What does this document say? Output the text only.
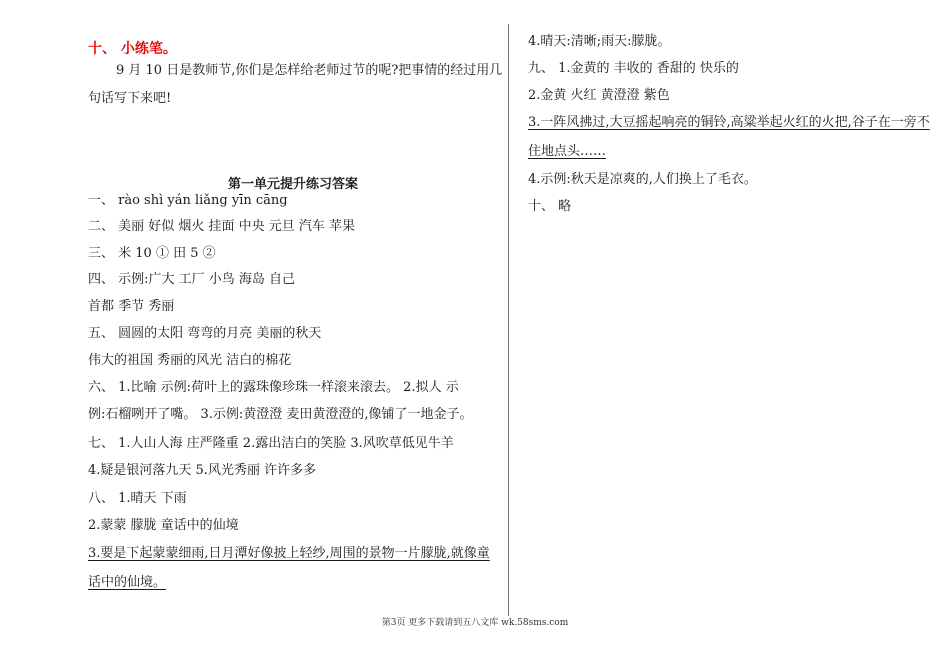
十、 小练笔。
9 月 10 日是教师节,你们是怎样给老师过节的呢?把事情的经过用几
句话写下来吧!
第一单元提升练习答案
一、 rào shì yán liǎng yīn cāng
二、 美丽 好似 烟火 挂面 中央 元旦 汽车 苹果
三、 米 10 ① 田 5 ②
四、 示例:广大 工厂 小鸟 海岛 自己
首都 季节 秀丽
五、 圆圆的太阳 弯弯的月亮 美丽的秋天
伟大的祖国 秀丽的风光 洁白的棉花
六、 1.比喻 示例:荷叶上的露珠像珍珠一样滚来滚去。 2.拟人 示
例:石榴咧开了嘴。 3.示例:黄澄澄 麦田黄澄澄的,像铺了一地金子。
七、 1.人山人海 庄严隆重 2.露出洁白的笑脸 3.风吹草低见牛羊
4.疑是银河落九天 5.风光秀丽 许许多多
八、 1.晴天 下雨
2.蒙蒙 朦胧 童话中的仙境
3.要是下起蒙蒙细雨,日月潭好像披上轻纱,周围的景物一片朦胧,就像童
话中的仙境。
4.晴天:清晰;雨天:朦胧。
九、 1.金黄的 丰收的 香甜的 快乐的
2.金黄 火红 黄澄澄 紫色
3.一阵风拂过,大豆摇起响亮的铜铃,高粱举起火红的火把,谷子在一旁不
住地点头……
4.示例:秋天是凉爽的,人们换上了毛衣。
十、 略
第3页 更多下载请到五八文库 wk.58sms.com
